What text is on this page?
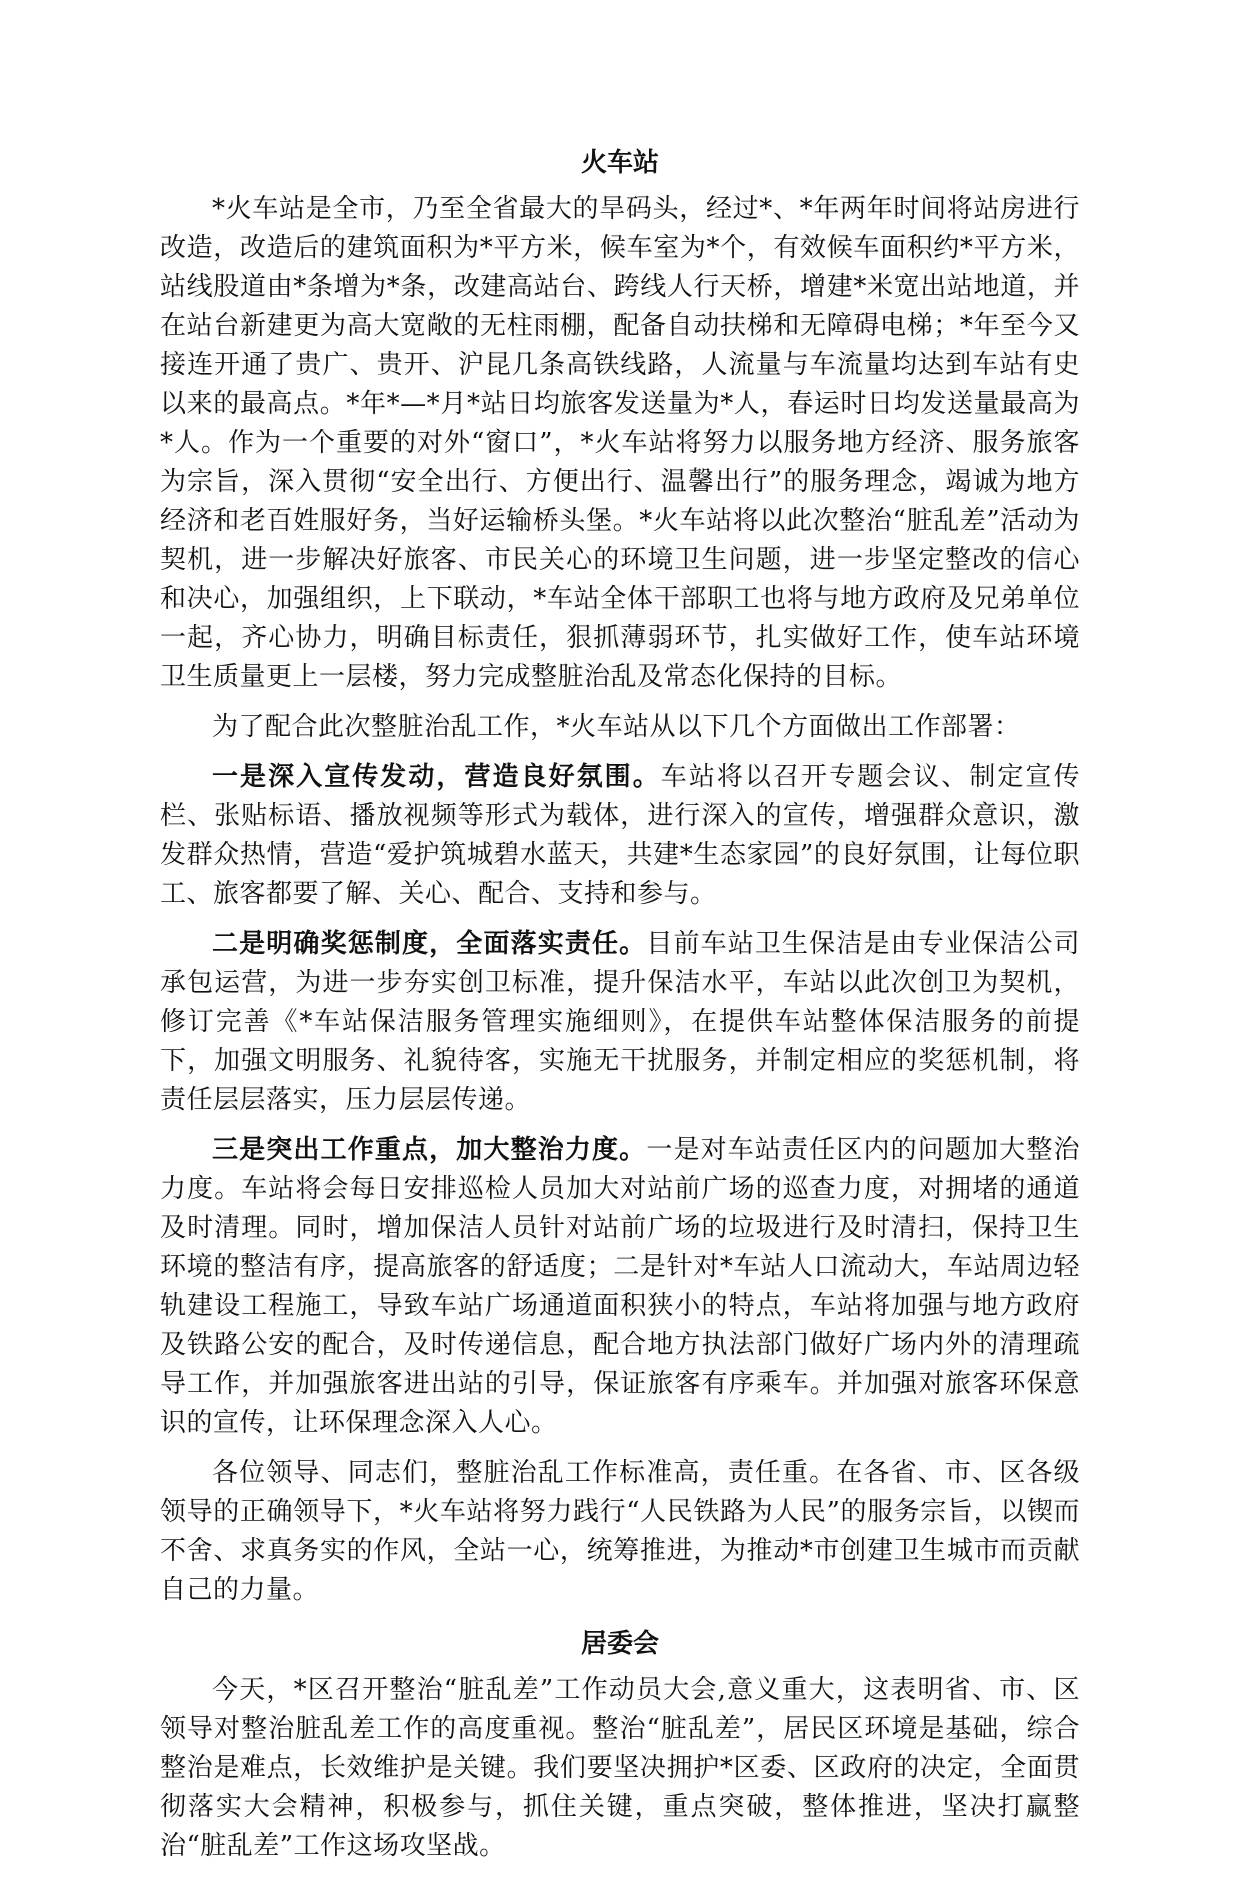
火车站

*火车站是全市，乃至全省最大的旱码头，经过*、*年两年时间将站房进行改造，改造后的建筑面积为*平方米，候车室为*个，有效候车面积约*平方米，站线股道由*条增为*条，改建高站台、跨线人行天桥，增建*米宽出站地道，并在站台新建更为高大宽敞的无柱雨棚，配备自动扶梯和无障碍电梯；*年至今又接连开通了贵广、贵开、沪昆几条高铁线路，人流量与车流量均达到车站有史以来的最高点。*年*—*月*站日均旅客发送量为*人，春运时日均发送量最高为*人。作为一个重要的对外“窗口”，*火车站将努力以服务地方经济、服务旅客为宗旨，深入贯彻“安全出行、方便出行、温馨出行”的服务理念，竭诚为地方经济和老百姓服好务，当好运输桥头堡。*火车站将以此次整治“脏乱差”活动为契机，进一步解决好旅客、市民关心的环境卫生问题，进一步坚定整改的信心和决心，加强组织，上下联动，*车站全体干部职工也将与地方政府及兄弟单位一起，齐心协力，明确目标责任，狠抓薄弱环节，扎实做好工作，使车站环境卫生质量更上一层楼，努力完成整脏治乱及常态化保持的目标。

为了配合此次整脏治乱工作，*火车站从以下几个方面做出工作部署：

一是深入宣传发动，营造良好氛围。车站将以召开专题会议、制定宣传栏、张贴标语、播放视频等形式为载体，进行深入的宣传，增强群众意识，激发群众热情，营造“爱护筑城碧水蓝天，共建*生态家园”的良好氛围，让每位职工、旅客都要了解、关心、配合、支持和参与。

二是明确奖惩制度，全面落实责任。目前车站卫生保洁是由专业保洁公司承包运营，为进一步夯实创卫标准，提升保洁水平，车站以此次创卫为契机，修订完善《*车站保洁服务管理实施细则》，在提供车站整体保洁服务的前提下，加强文明服务、礼貌待客，实施无干扰服务，并制定相应的奖惩机制，将责任层层落实，压力层层传递。

三是突出工作重点，加大整治力度。一是对车站责任区内的问题加大整治力度。车站将会每日安排巡检人员加大对站前广场的巡查力度，对拥堵的通道及时清理。同时，增加保洁人员针对站前广场的垃圾进行及时清扫，保持卫生环境的整洁有序，提高旅客的舒适度；二是针对*车站人口流动大，车站周边轻轨建设工程施工，导致车站广场通道面积狭小的特点，车站将加强与地方政府及铁路公安的配合，及时传递信息，配合地方执法部门做好广场内外的清理疏导工作，并加强旅客进出站的引导，保证旅客有序乘车。并加强对旅客环保意识的宣传，让环保理念深入人心。

各位领导、同志们，整脏治乱工作标准高，责任重。在各省、市、区各级领导的正确领导下，*火车站将努力践行“人民铁路为人民”的服务宗旨，以锲而不舍、求真务实的作风，全站一心，统筹推进，为推动*市创建卫生城市而贡献自己的力量。

居委会

今天，*区召开整治“脏乱差”工作动员大会,意义重大，这表明省、市、区领导对整治脏乱差工作的高度重视。整治“脏乱差”，居民区环境是基础，综合整治是难点，长效维护是关键。我们要坚决拥护*区委、区政府的决定，全面贯彻落实大会精神，积极参与，抓住关键，重点突破，整体推进，坚决打赢整治“脏乱差”工作这场攻坚战。
